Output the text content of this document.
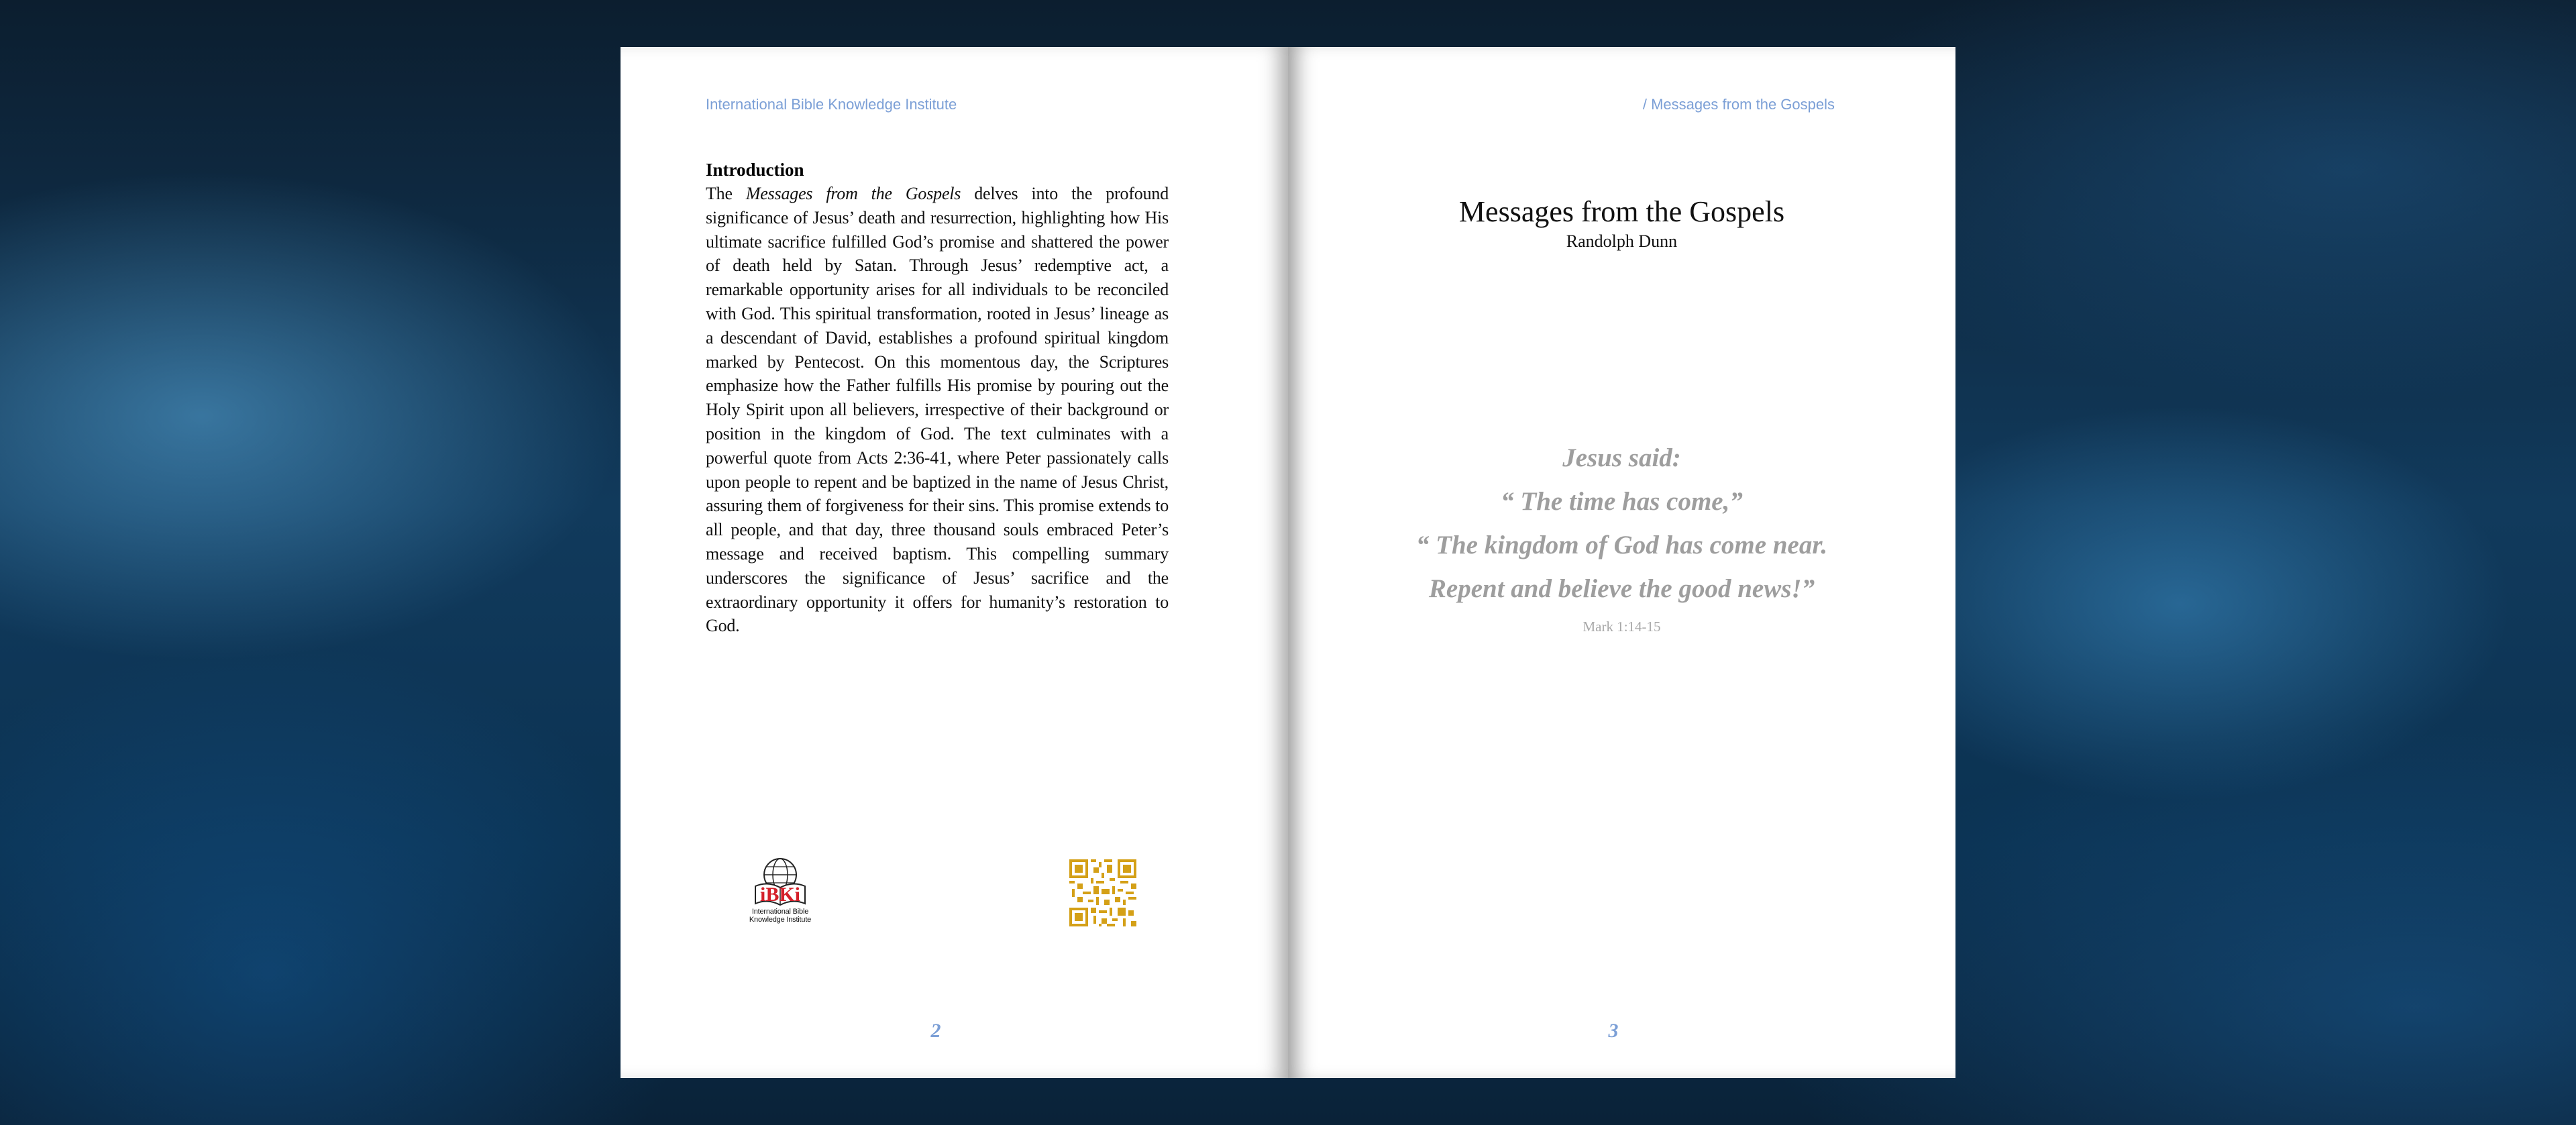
International Bible Knowledge Institute
Introduction

The Messages from the Gospels delves into the profound significance of Jesus’ death and resurrection, highlighting how His ultimate sacrifice fulfilled God’s promise and shattered the power of death held by Satan. Through Jesus’ redemptive act, a remarkable opportunity arises for all individuals to be reconciled with God. This spiritual transformation, rooted in Jesus’ lineage as a descendant of David, establishes a profound spiritual kingdom marked by Pentecost. On this momentous day, the Scriptures emphasize how the Father fulfills His promise by pouring out the Holy Spirit upon all believers, irrespective of their background or position in the kingdom of God. The text culminates with a powerful quote from Acts 2:36-41, where Peter passionately calls upon people to repent and be baptized in the name of Jesus Christ, assuring them of forgiveness for their sins. This promise extends to all people, and that day, three thousand souls embraced Peter’s message and received baptism. This compelling summary underscores the significance of Jesus’ sacrifice and the extraordinary opportunity it offers for humanity’s restoration to God.

iBKi
International Bible
Knowledge Institute
2
/ Messages from the Gospels
Messages from the Gospels
Randolph Dunn
Jesus said:
“ The time has come,”
“ The kingdom of God has come near.
Repent and believe the good news!”
Mark 1:14-15
3
